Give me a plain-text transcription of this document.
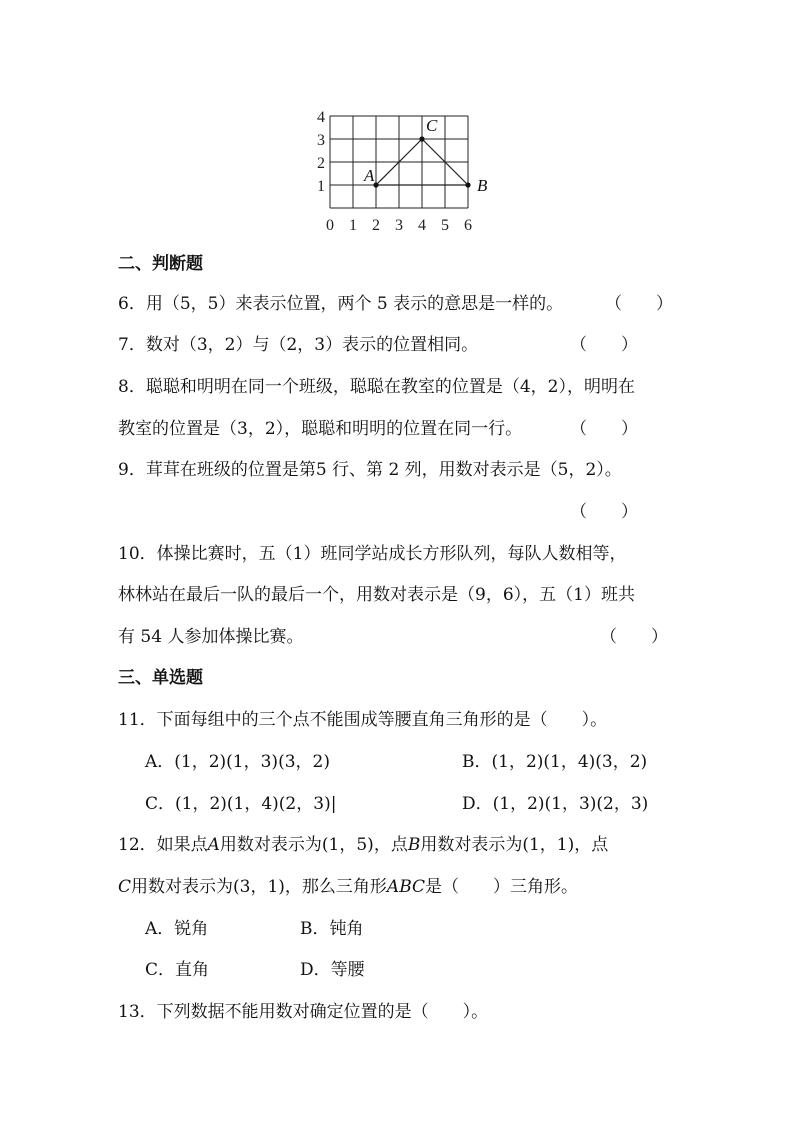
4
3
2
1
0 1 2 3 4 5 6
A
C
B
二、判断题
6．用（5，5）来表示位置，两个 5 表示的意思是一样的。 （　　）
7．数对（3，2）与（2，3）表示的位置相同。	（　　）
8．聪聪和明明在同一个班级，聪聪在教室的位置是（4，2），明明在
教室的位置是（3，2），聪聪和明明的位置在同一行。	（　　）
9．茸茸在班级的位置是第5 行、第 2 列，用数对表示是（5，2）。
（　　）
10．体操比赛时，五（1）班同学站成长方形队列，每队人数相等，
林林站在最后一队的最后一个，用数对表示是（9，6），五（1）班共
有 54 人参加体操比赛。	（　　）
三、单选题
11．下面每组中的三个点不能围成等腰直角三角形的是（　　）。
A．(1，2)(1，3)(3，2)	B．(1，2)(1，4)(3，2)
C．(1，2)(1，4)(2，3)|	D．(1，2)(1，3)(2，3)
12．如果点A用数对表示为(1，5)，点B用数对表示为(1，1)，点
C用数对表示为(3，1)，那么三角形ABC是（　　）三角形。
A．锐角	B．钝角
C．直角	D．等腰
13．下列数据不能用数对确定位置的是（　　）。
